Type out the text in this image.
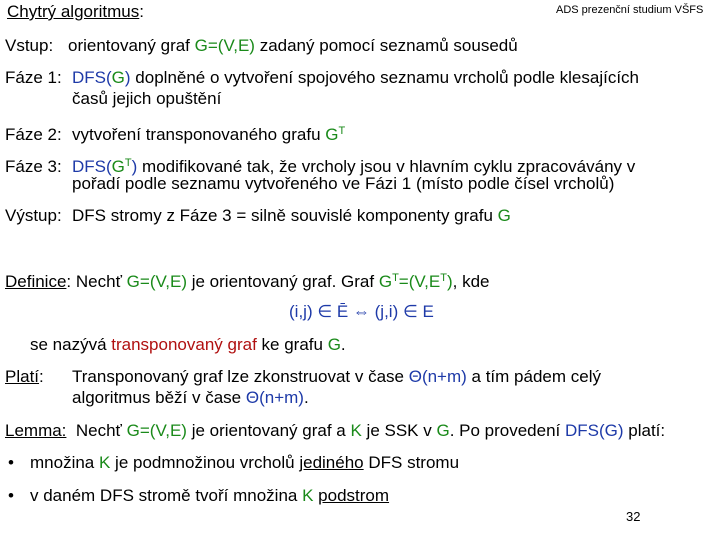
Chytrý algoritmus:	ADS prezenční studium VŠFS
Vstup: orientovaný graf G=(V,E) zadaný pomocí seznamů sousedů
Fáze 1: DFS(G) doplněné o vytvoření spojového seznamu vrcholů podle klesajících
časů jejich opuštění
Fáze 2: vytvoření transponovaného grafu $G^T$
Fáze 3: $DFS(G^T)$ modifikované tak, že vrcholy jsou v hlavním cyklu zpracovávány v
pořadí podle seznamu vytvořeného ve Fázi 1 (místo podle čísel vrcholů)
Výstup: DFS stromy z Fáze 3 = silně souvislé komponenty grafu G
Definice: Nechť G=(V,E) je orientovaný graf. Graf $G^T=(V,E^T)$, kde
(i,j) ∈ Ē ⇔ (j,i) ∈ E
se nazývá transponovaný graf ke grafu G.
Platí: Transponovaný graf lze zkonstruovat v čase Θ(n+m) a tím pádem celý
algoritmus běží v čase Θ(n+m).
Lemma:  Nechť G=(V,E) je orientovaný graf a K je SSK v G. Po provedení DFS(G) platí:
• množina K je podmnožinou vrcholů jediného DFS stromu
• v daném DFS stromě tvoří množina K podstrom
32
